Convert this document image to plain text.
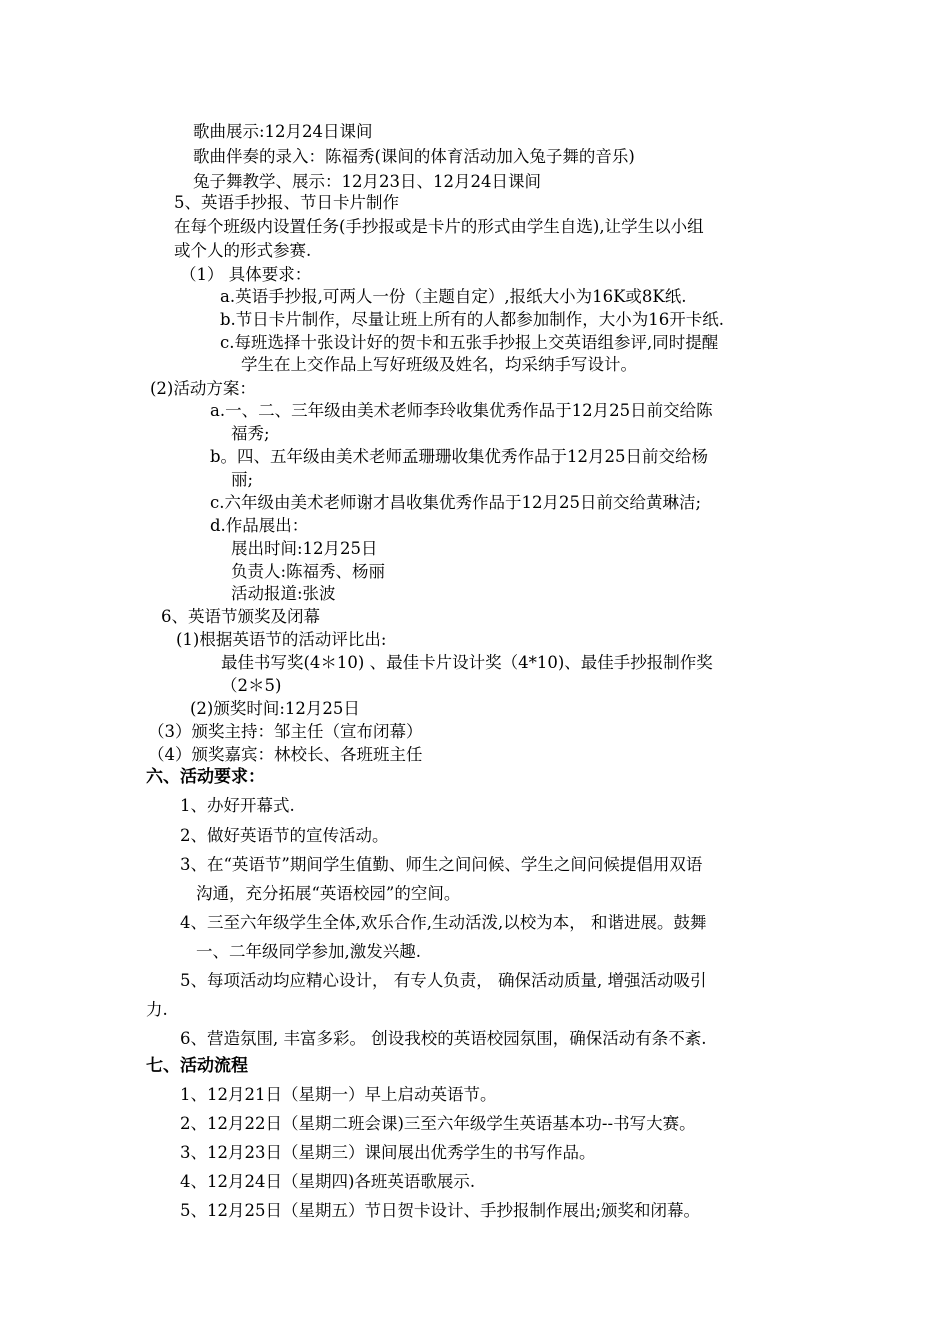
歌曲展示:12月24日课间
歌曲伴奏的录入：陈福秀(课间的体育活动加入兔子舞的音乐)
兔子舞教学、展示：12月23日、12月24日课间
5、英语手抄报、节日卡片制作
在每个班级内设置任务(手抄报或是卡片的形式由学生自选),让学生以小组
或个人的形式参赛.
（1） 具体要求：
a.英语手抄报,可两人一份（主题自定）,报纸大小为16K或8K纸.
b.节日卡片制作，尽量让班上所有的人都参加制作，大小为16开卡纸.
c.每班选择十张设计好的贺卡和五张手抄报上交英语组参评,同时提醒
学生在上交作品上写好班级及姓名，均采纳手写设计。
(2)活动方案：
a.一、二、三年级由美术老师李玲收集优秀作品于12月25日前交给陈
福秀;
b。四、五年级由美术老师孟珊珊收集优秀作品于12月25日前交给杨
丽;
c.六年级由美术老师谢才昌收集优秀作品于12月25日前交给黄琳洁;
d.作品展出：
展出时间:12月25日
负责人:陈福秀、杨丽
活动报道:张波
6、英语节颁奖及闭幕
(1)根据英语节的活动评比出:
最佳书写奖(4＊10) 、最佳卡片设计奖（4*10)、最佳手抄报制作奖
（2＊5)
(2)颁奖时间:12月25日
（3）颁奖主持：邹主任（宣布闭幕）
（4）颁奖嘉宾：林校长、各班班主任
六、活动要求：
1、办好开幕式.
2、做好英语节的宣传活动。
3、在“英语节”期间学生值勤、师生之间问候、学生之间问候提倡用双语
沟通，充分拓展“英语校园”的空间。
4、三至六年级学生全体,欢乐合作,生动活泼,以校为本， 和谐进展。鼓舞
一、二年级同学参加,激发兴趣.
5、每项活动均应精心设计， 有专人负责， 确保活动质量, 增强活动吸引
力.
6、营造氛围, 丰富多彩。 创设我校的英语校园氛围，确保活动有条不紊.
七、活动流程
1、12月21日（星期一）早上启动英语节。
2、12月22日（星期二班会课)三至六年级学生英语基本功--书写大赛。
3、12月23日（星期三）课间展出优秀学生的书写作品。
4、12月24日（星期四)各班英语歌展示.
5、12月25日（星期五）节日贺卡设计、手抄报制作展出;颁奖和闭幕。
